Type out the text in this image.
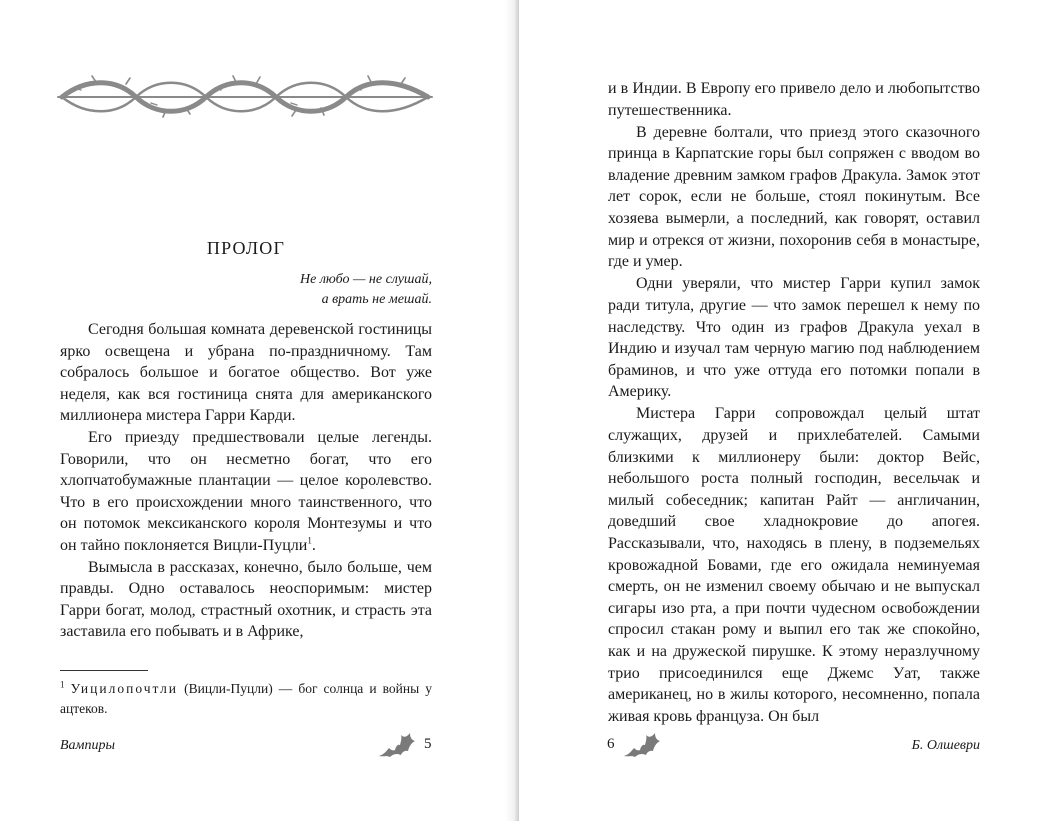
ПРОЛОГ
Не любо — не слушай,
а врать не мешай.

Сегодня большая комната деревенской гостиницы ярко освещена и убрана по-праздничному. Там собралось большое и богатое общество. Вот уже неделя, как вся гостиница снята для американского миллионера мистера Гарри Карди.

Его приезду предшествовали целые легенды. Говорили, что он несметно богат, что его хлопчатобумажные плантации — целое королевство. Что в его происхождении много таинственного, что он потомок мексиканского короля Монтезумы и что он тайно поклоняется Вицли-Пуцли$^1$.

Вымысла в рассказах, конечно, было больше, чем правды. Одно оставалось неоспоримым: мистер Гарри богат, молод, страстный охотник, и страсть эта заставила его побывать и в Африке,

$^1$ Уицилопочтли (Вицли-Пуцли) — бог солнца и войны у ацтеков.
Вампиры	5

и в Индии. В Европу его привело дело и любопытство путешественника.

В деревне болтали, что приезд этого сказочного принца в Карпатские горы был сопряжен с вводом во владение древним замком графов Дракула. Замок этот лет сорок, если не больше, стоял покинутым. Все хозяева вымерли, а последний, как говорят, оставил мир и отрекся от жизни, похоронив себя в монастыре, где и умер.

Одни уверяли, что мистер Гарри купил замок ради титула, другие — что замок перешел к нему по наследству. Что один из графов Дракула уехал в Индию и изучал там черную магию под наблюдением браминов, и что уже оттуда его потомки попали в Америку.

Мистера Гарри сопровождал целый штат служащих, друзей и прихлебателей. Самыми близкими к миллионеру были: доктор Вейс, небольшого роста полный господин, весельчак и милый собеседник; капитан Райт — англичанин, доведший свое хладнокровие до апогея. Рассказывали, что, находясь в плену, в подземельях кровожадной Бовами, где его ожидала неминуемая смерть, он не изменил своему обычаю и не выпускал сигары изо рта, а при почти чудесном освобождении спросил стакан рому и выпил его так же спокойно, как и на дружеской пирушке. К этому неразлучному трио присоединился еще Джемс Уат, также американец, но в жилы которого, несомненно, попала живая кровь француза. Он был

6	Б. Олшеври
